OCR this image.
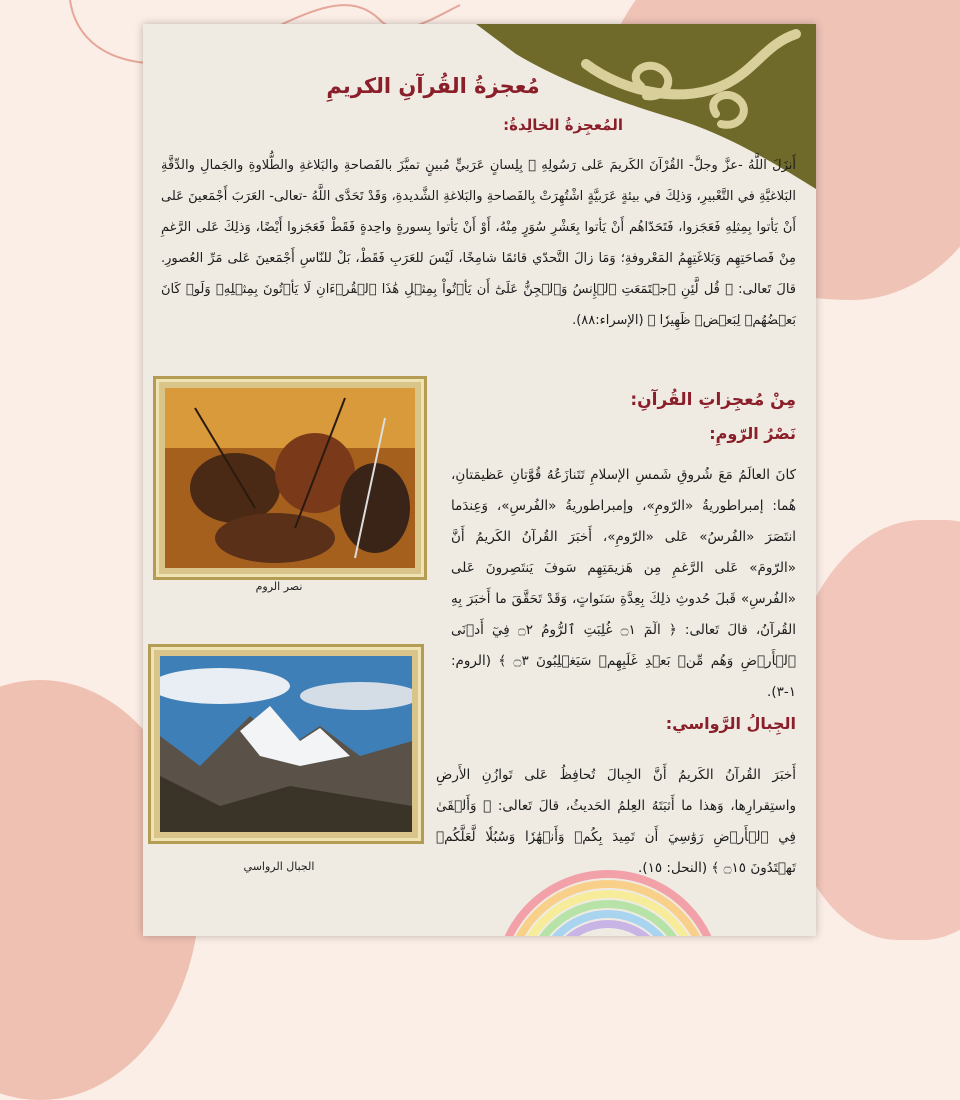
مُعجزةُ القُرآنِ الكريمِ
المُعجِزةُ الخالِدةُ:
أَنزَلَ اللَّهُ -عزَّ وجلَّ- القُرْآنَ الكَريمَ عَلى رَسُولِهِ ﷺ بِلِسانٍ عَرَبيٍّ مُبينٍ تميَّزَ بالفَصاحةِ والبَلاغةِ والطُّلاوةِ والجَمالِ والدِّقَّةِ البَلاغيَّةِ في التَّعْبيرِ، وَذلِكَ في بيئةٍ عَرَبيَّةٍ اشْتُهِرَتْ بِالفَصاحةِ والبَلاغةِ الشَّديدةِ، وَقَدْ تَحَدَّى اللَّهُ -تعالى- العَرَبَ أَجْمَعينَ عَلى أَنْ يَأتوا بِمِثلِهِ فَعَجَزوا، فَتَحَدّاهُم أَنْ يَأتوا بِعَشْرِ سُوَرٍ مِنْهُ، أَوْ أَنْ يَأتوا بِسورةٍ واحِدةٍ فَقَطْ فَعَجَزوا أَيْضًا، وَذلِكَ عَلى الرَّغمِ مِنْ فَصاحَتِهِم وَبَلاغَتِهِمُ المَعْروفةِ؛ وَمَا زالَ التَّحدّي قائمًا شامِخًا، لَيْسَ للعَرَبِ فَقَطْ، بَلْ للنّاسِ أَجْمَعينَ عَلى مَرِّ العُصورِ. قالَ تَعالى: ﴿ قُل لَّئِنِ ٱجۡتَمَعَتِ ٱلۡإِنسُ وَٱلۡجِنُّ عَلَىٰٓ أَن يَأۡتُواْ بِمِثۡلِ هَٰذَا ٱلۡقُرۡءَانِ لَا يَأۡتُونَ بِمِثۡلِهِۦ وَلَوۡ كَانَ بَعۡضُهُمۡ لِبَعۡضٖ ظَهِيرٗا ﴾ (الإسراء:٨٨).
مِنْ مُعجِزاتِ القُرآنِ:
نَصْرُ الرّومِ:
كانَ العالَمُ مَعَ شُروقِ شَمسِ الإسلامِ تَتَنازَعُهُ قُوَّتانِ عَظيمَتانِ، هُما: إمبراطوريةُ «الرّومِ»، وإمبراطوريةُ «الفُرسِ»، وَعِندَما انتَصَرَ «الفُرسُ» عَلى «الرّومِ»، أَخبَرَ القُرآنُ الكَريمُ أَنَّ «الرّومَ» عَلى الرَّغمِ مِن هَزيمَتِهِم سَوفَ يَنتَصِرونَ عَلى «الفُرسِ» قَبلَ حُدوثِ ذلِكَ بِعِدَّةِ سَنَواتٍ، وَقَدْ تَحَقَّقَ ما أَخبَرَ بِهِ القُرآنُ، قالَ تَعالى: ﴿ الٓمٓ ۝١ غُلِبَتِ ٱلرُّومُ ۝٢ فِيٓ أَدۡنَى ٱلۡأَرۡضِ وَهُم مِّنۢ بَعۡدِ غَلَبِهِمۡ سَيَغۡلِبُونَ ۝٣ ﴾ (الروم: ١-٣).
نصر الروم
الجبال الرواسي
الجِبالُ الرَّواسي:
أَخبَرَ القُرآنُ الكَريمُ أَنَّ الجِبالَ تُحافِظُ عَلى تَوازُنِ الأَرضِ واستِقرارِها، وَهذا ما أَثبَتَهُ العِلمُ الحَديثُ، قالَ تَعالى: ﴿ وَأَلۡقَىٰ فِي ٱلۡأَرۡضِ رَوَٰسِيَ أَن تَمِيدَ بِكُمۡ وَأَنۡهَٰرٗا وَسُبُلٗا لَّعَلَّكُمۡ تَهۡتَدُونَ ۝١٥ ﴾ (النحل: ١٥).
